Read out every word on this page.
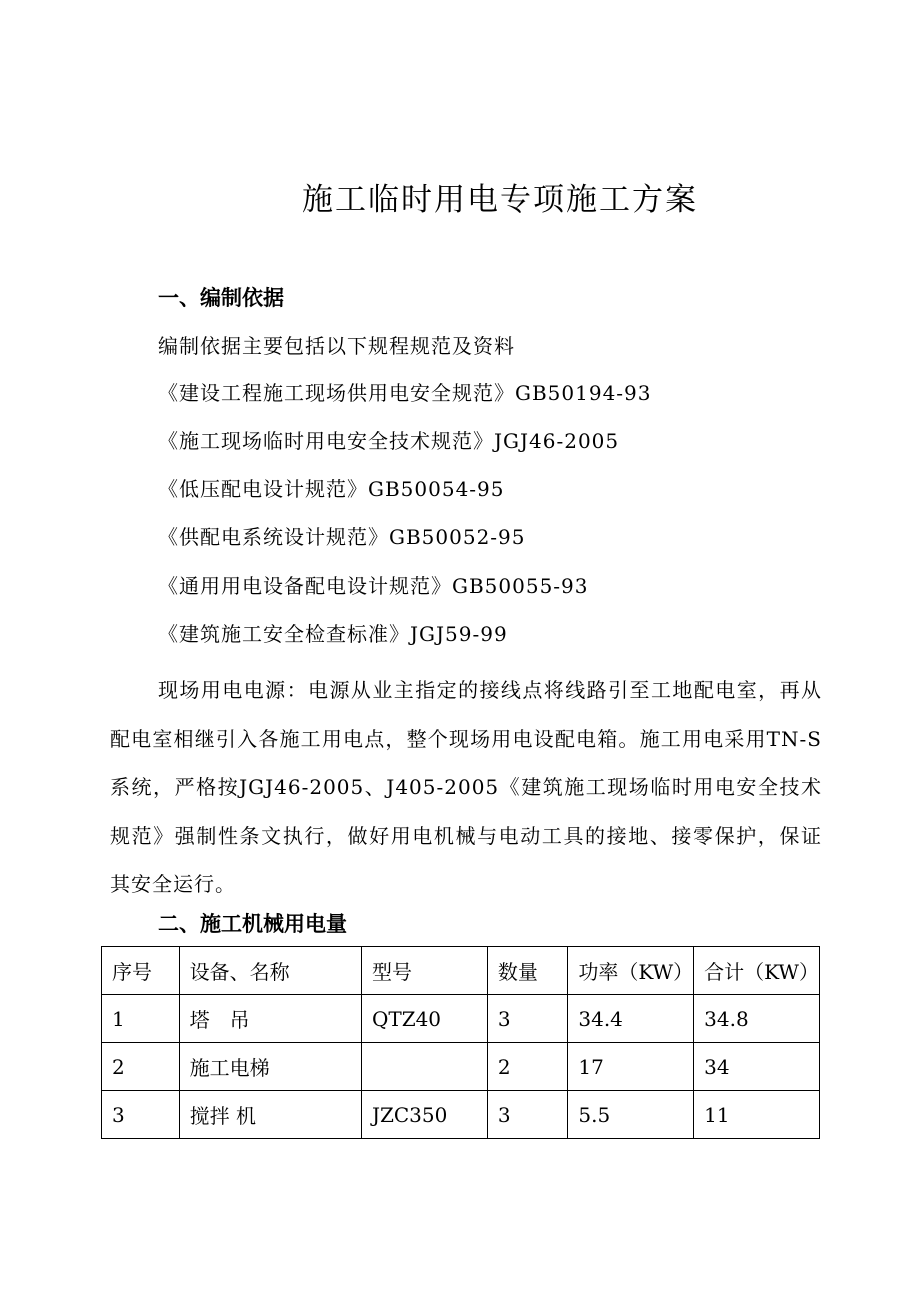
施工临时用电专项施工方案
一、编制依据
编制依据主要包括以下规程规范及资料
《建设工程施工现场供用电安全规范》GB50194-93
《施工现场临时用电安全技术规范》JGJ46-2005
《低压配电设计规范》GB50054-95
《供配电系统设计规范》GB50052-95
《通用用电设备配电设计规范》GB50055-93
《建筑施工安全检查标准》JGJ59-99
现场用电电源：电源从业主指定的接线点将线路引至工地配电室，再从配电室相继引入各施工用电点，整个现场用电设配电箱。施工用电采用TN-S系统，严格按JGJ46-2005、J405-2005《建筑施工现场临时用电安全技术规范》强制性条文执行，做好用电机械与电动工具的接地、接零保护，保证其安全运行。
二、施工机械用电量
序号	设备、名称	型号	数量	功率（KW）	合计（KW）
1	塔　吊	QTZ40	3	34.4	34.8
2	施工电梯		2	17	34
3	搅拌 机	JZC350	3	5.5	11
